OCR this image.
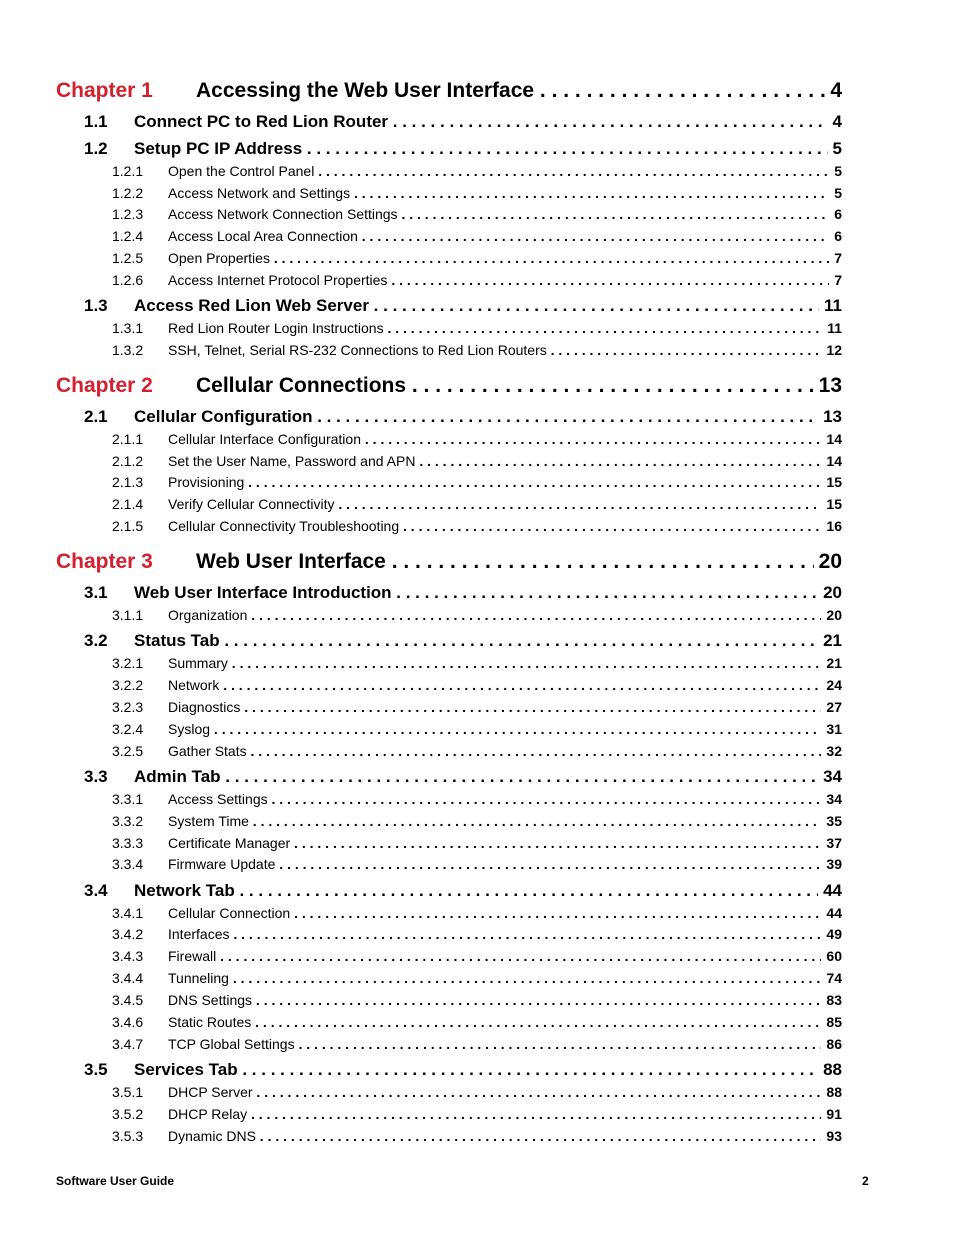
Chapter 1 Accessing the Web User Interface . . .	4
1.1 Connect PC to Red Lion Router . . .	4
1.2 Setup PC IP Address . . .	5
1.2.1 Open the Control Panel . . .	5
1.2.2 Access Network and Settings . . .	5
1.2.3 Access Network Connection Settings . . .	6
1.2.4 Access Local Area Connection . . .	6
1.2.5 Open Properties . . .	7
1.2.6 Access Internet Protocol Properties . . .	7
1.3 Access Red Lion Web Server . . .	11
1.3.1 Red Lion Router Login Instructions . . .	11
1.3.2 SSH, Telnet, Serial RS-232 Connections to Red Lion Routers . . .	12
Chapter 2 Cellular Connections . . .	13
2.1 Cellular Configuration . . .	13
2.1.1 Cellular Interface Configuration . . .	14
2.1.2 Set the User Name, Password and APN . . .	14
2.1.3 Provisioning . . .	15
2.1.4 Verify Cellular Connectivity . . .	15
2.1.5 Cellular Connectivity Troubleshooting . . .	16
Chapter 3 Web User Interface . . .	20
3.1 Web User Interface Introduction . . .	20
3.1.1 Organization . . .	20
3.2 Status Tab . . .	21
3.2.1 Summary . . .	21
3.2.2 Network . . .	24
3.2.3 Diagnostics . . .	27
3.2.4 Syslog . . .	31
3.2.5 Gather Stats . . .	32
3.3 Admin Tab . . .	34
3.3.1 Access Settings . . .	34
3.3.2 System Time . . .	35
3.3.3 Certificate Manager . . .	37
3.3.4 Firmware Update . . .	39
3.4 Network Tab . . .	44
3.4.1 Cellular Connection . . .	44
3.4.2 Interfaces . . .	49
3.4.3 Firewall . . .	60
3.4.4 Tunneling . . .	74
3.4.5 DNS Settings . . .	83
3.4.6 Static Routes . . .	85
3.4.7 TCP Global Settings . . .	86
3.5 Services Tab . . .	88
3.5.1 DHCP Server . . .	88
3.5.2 DHCP Relay . . .	91
3.5.3 Dynamic DNS . . .	93
Software User Guide	2
